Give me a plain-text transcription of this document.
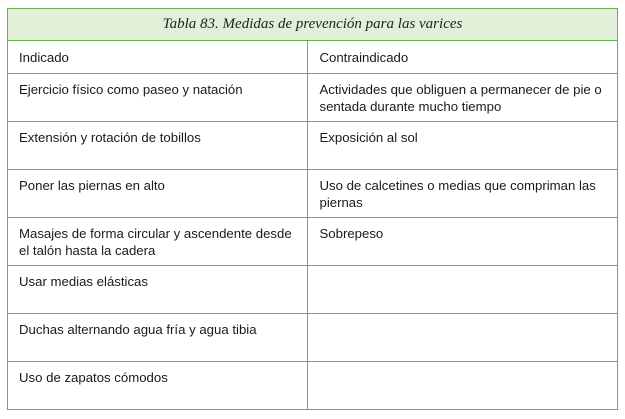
Tabla 83. Medidas de prevención para las varices	

Indicado	Contraindicado

Ejercicio físico como paseo y natación	Actividades que obliguen a permanecer de pie o sentada durante mucho tiempo

Extensión y rotación de tobillos	Exposición al sol

Poner las piernas en alto	Uso de calcetines o medias que compriman las piernas

Masajes de forma circular y ascendente desde el talón hasta la cadera	Sobrepeso

Usar medias elásticas	

Duchas alternando agua fría y agua tibia	

Uso de zapatos cómodos	
